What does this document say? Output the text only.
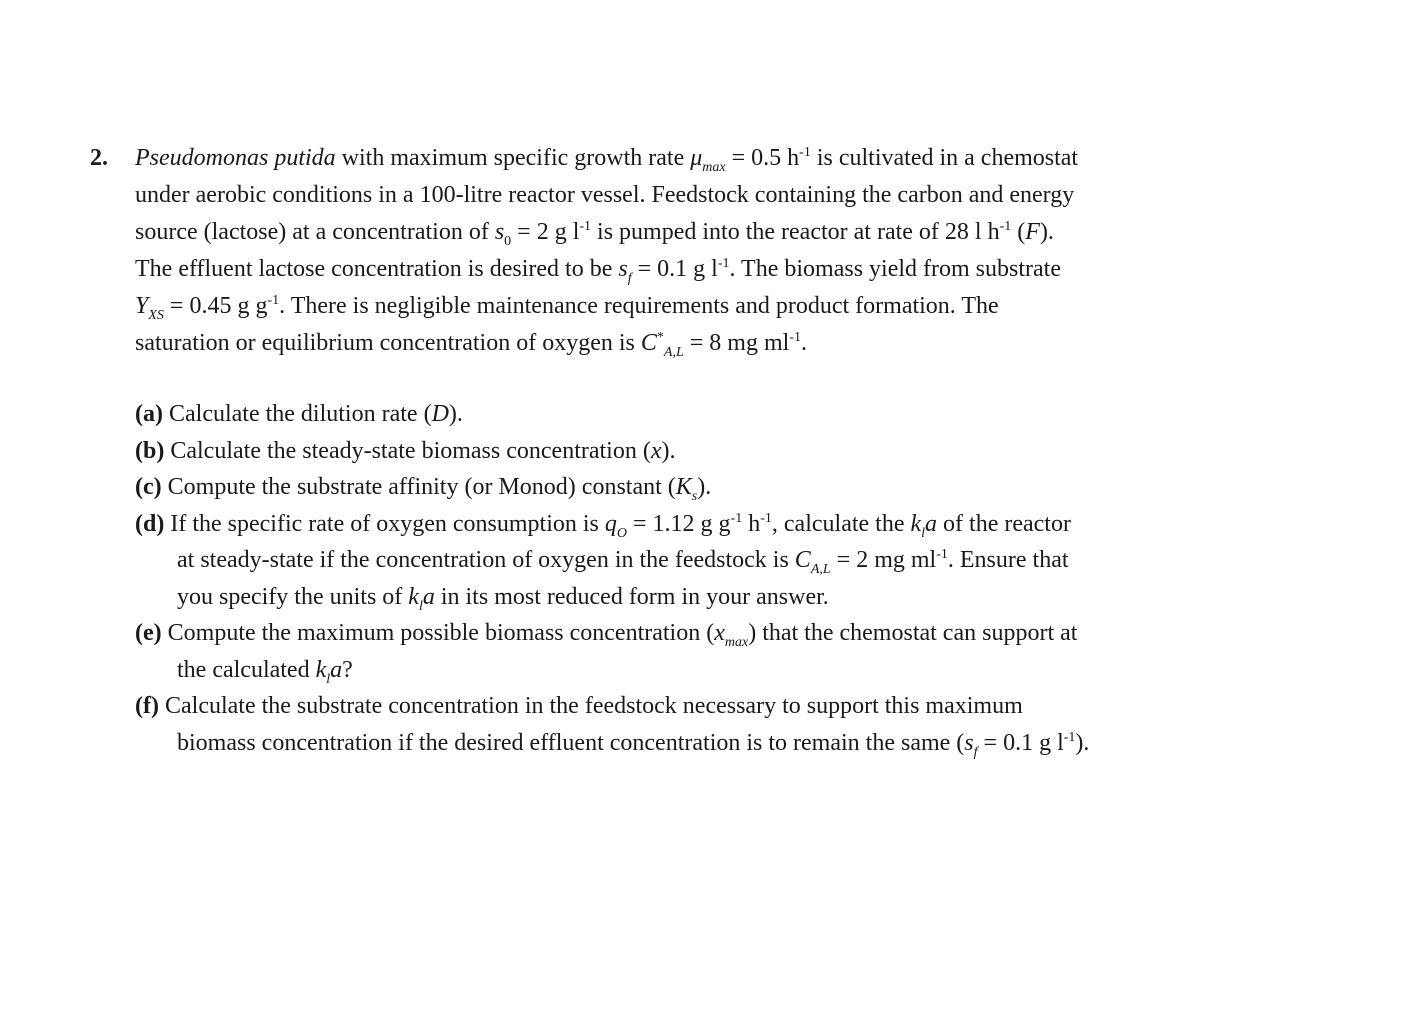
2. Pseudomonas putida with maximum specific growth rate $\mu_{max} = 0.5$ $h^{-1}$ is cultivated in a chemostat
under aerobic conditions in a 100-litre reactor vessel. Feedstock containing the carbon and energy
source (lactose) at a concentration of $s_0 = 2$ g $l^{-1}$ is pumped into the reactor at rate of 28 l $h^{-1}$ (F).
The effluent lactose concentration is desired to be $s_f = 0.1$ g $l^{-1}$. The biomass yield from substrate
$Y_{XS} = 0.45$ g $g^{-1}$. There is negligible maintenance requirements and product formation. The
saturation or equilibrium concentration of oxygen is $C^*_{A,L} = 8$ mg $ml^{-1}$.
(a) Calculate the dilution rate (D).
(b) Calculate the steady-state biomass concentration (x).
(c) Compute the substrate affinity (or Monod) constant $(K_s)$.
(d) If the specific rate of oxygen consumption is $q_O = 1.12$ g $g^{-1}$ $h^{-1}$, calculate the $k_la$ of the reactor
at steady-state if the concentration of oxygen in the feedstock is $C_{A,L} = 2$ mg $ml^{-1}$. Ensure that
you specify the units of $k_la$ in its most reduced form in your answer.
(e) Compute the maximum possible biomass concentration $(x_{max})$ that the chemostat can support at
the calculated $k_la$?
(f) Calculate the substrate concentration in the feedstock necessary to support this maximum
biomass concentration if the desired effluent concentration is to remain the same ($s_f = 0.1$ g $l^{-1}$).
